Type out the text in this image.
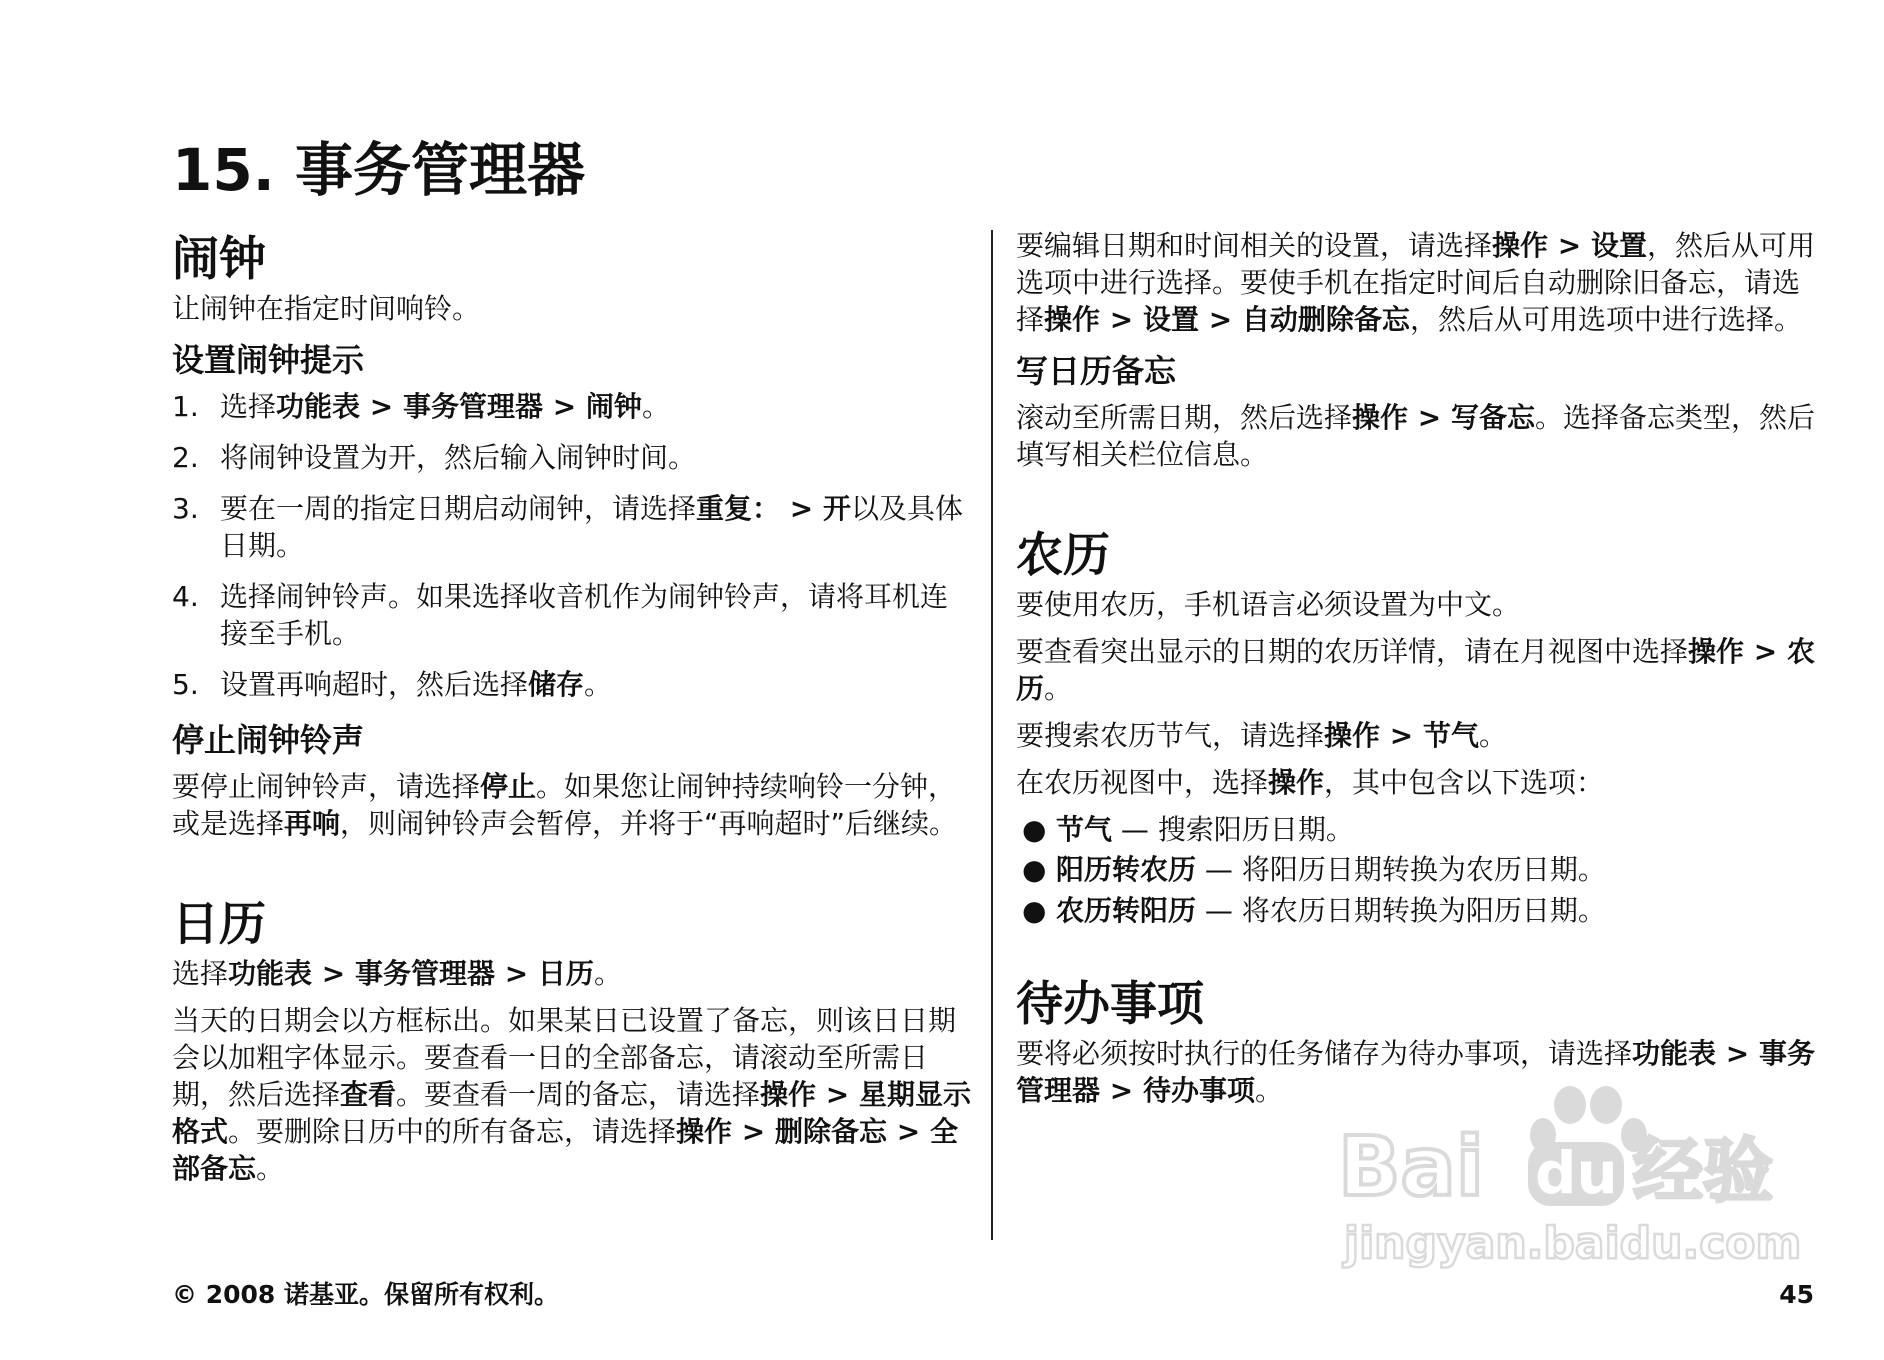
15. 事务管理器
闹钟

让闹钟在指定时间响铃。

设置闹钟提示
1. 选择功能表 > 事务管理器 > 闹钟。
2. 将闹钟设置为开，然后输入闹钟时间。
3. 要在一周的指定日期启动闹钟，请选择重复： > 开以及具体日期。
4. 选择闹钟铃声。如果选择收音机作为闹钟铃声，请将耳机连接至手机。
5. 设置再响超时，然后选择储存。
停止闹钟铃声

要停止闹钟铃声，请选择停止。如果您让闹钟持续响铃一分钟，或是选择再响，则闹钟铃声会暂停，并将于“再响超时”后继续。

日历

选择功能表 > 事务管理器 > 日历。

当天的日期会以方框标出。如果某日已设置了备忘，则该日日期会以加粗字体显示。要查看一日的全部备忘，请滚动至所需日期，然后选择查看。要查看一周的备忘，请选择操作 > 星期显示格式。要删除日历中的所有备忘，请选择操作 > 删除备忘 > 全部备忘。

要编辑日期和时间相关的设置，请选择操作 > 设置，然后从可用选项中进行选择。要使手机在指定时间后自动删除旧备忘，请选择操作 > 设置 > 自动删除备忘，然后从可用选项中进行选择。

写日历备忘

滚动至所需日期，然后选择操作 > 写备忘。选择备忘类型，然后填写相关栏位信息。

农历

要使用农历，手机语言必须设置为中文。

要查看突出显示的日期的农历详情，请在月视图中选择操作 > 农历。

要搜索农历节气，请选择操作 > 节气。

在农历视图中，选择操作，其中包含以下选项：

● 节气 — 搜索阳历日期。
● 阳历转农历 — 将阳历日期转换为农历日期。
● 农历转阳历 — 将农历日期转换为阳历日期。
待办事项

要将必须按时执行的任务储存为待办事项，请选择功能表 > 事务管理器 > 待办事项。

Bai du 经验
jingyan.baidu.com

© 2008 诺基亚。保留所有权利。	45
